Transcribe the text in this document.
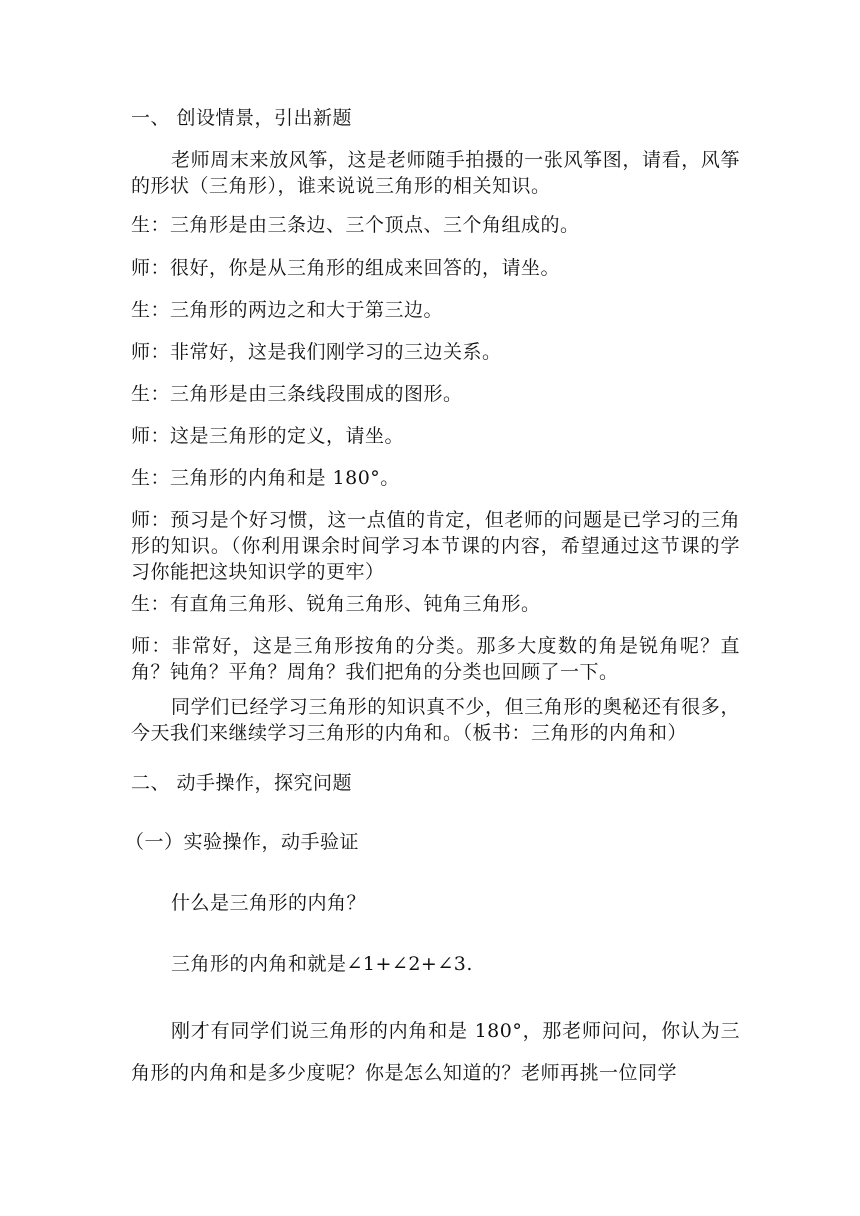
一、 创设情景，引出新题
老师周末来放风筝，这是老师随手拍摄的一张风筝图，请看，风筝的形状（三角形），谁来说说三角形的相关知识。
生：三角形是由三条边、三个顶点、三个角组成的。
师：很好，你是从三角形的组成来回答的，请坐。
生：三角形的两边之和大于第三边。
师：非常好，这是我们刚学习的三边关系。
生：三角形是由三条线段围成的图形。
师：这是三角形的定义，请坐。
生：三角形的内角和是 180°。
师：预习是个好习惯，这一点值的肯定，但老师的问题是已学习的三角形的知识。（你利用课余时间学习本节课的内容，希望通过这节课的学习你能把这块知识学的更牢）
生：有直角三角形、锐角三角形、钝角三角形。
师：非常好，这是三角形按角的分类。那多大度数的角是锐角呢？直角？钝角？平角？周角？我们把角的分类也回顾了一下。
同学们已经学习三角形的知识真不少，但三角形的奥秘还有很多，今天我们来继续学习三角形的内角和。（板书：三角形的内角和）
二、 动手操作，探究问题
（一）实验操作，动手验证
什么是三角形的内角？
三角形的内角和就是∠1+∠2+∠3.
刚才有同学们说三角形的内角和是 180°，那老师问问，你认为三角形的内角和是多少度呢？你是怎么知道的？老师再挑一位同学
